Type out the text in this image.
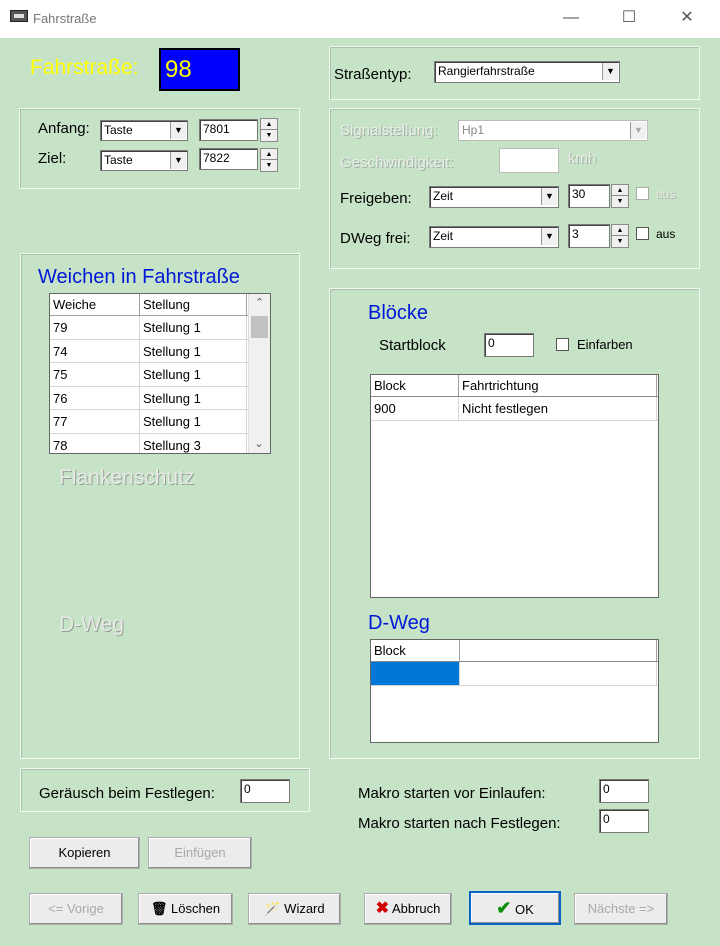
Fahrstraße	—	☐	✕
Fahrstraße: 98
Anfang:	Taste	▼	7801	▲
▼
Ziel:	Taste	▼	7822	▲
▼
Straßentyp:	Rangierfahrstraße	▼
Signalstellung:	Hp1	▼
Geschwindigkeit:	kmh
Freigeben:	Zeit	▼	30	▲
▼
aus
DWeg frei:	Zeit	▼	3	▲
▼
aus
Weichen in Fahrstraße
Weiche	Stellung
79	Stellung 1
74	Stellung 1
75	Stellung 1
76	Stellung 1
77	Stellung 1
78	Stellung 3
⌃
⌄
Flankenschutz
D-Weg
Blöcke
Startblock	0	Einfarben
Block	Fahrtrichtung
900	Nicht festlegen
D-Weg
Block
Geräusch beim Festlegen:	0	Makro starten vor Einlaufen:	0
Makro starten nach Festlegen:	0
Kopieren	Einfügen
<= Vorige	🗑 Löschen	🪄 Wizard	✖ Abbruch	✔ OK	Nächste =>
